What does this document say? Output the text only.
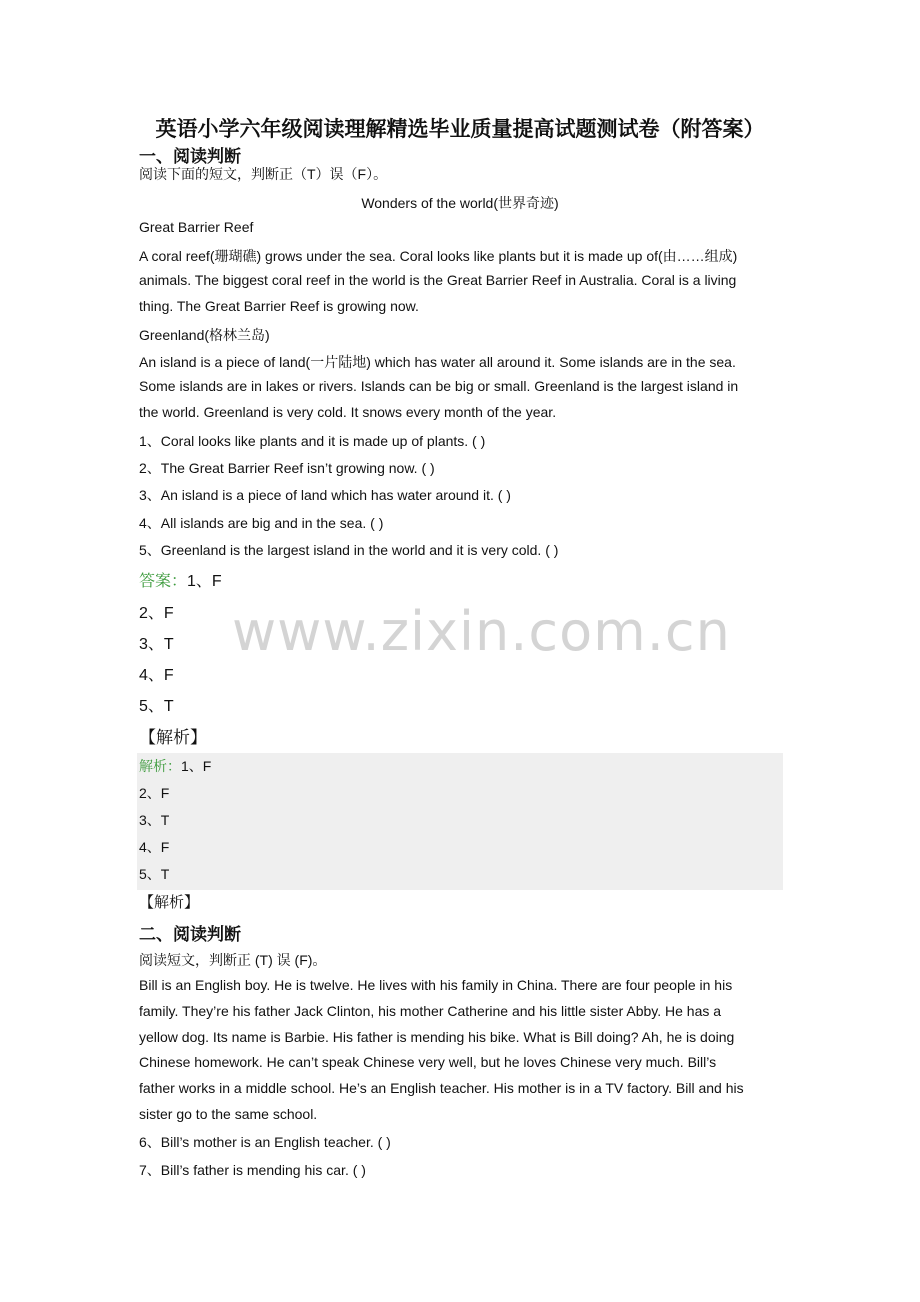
英语小学六年级阅读理解精选毕业质量提高试题测试卷（附答案）
一、阅读判断
阅读下面的短文，判断正（T）误（F）。
Wonders of the world(世界奇迹)
Great Barrier Reef
A coral reef(珊瑚礁) grows under the sea. Coral looks like plants but it is made up of(由……组成)
animals. The biggest coral reef in the world is the Great Barrier Reef in Australia. Coral is a living
thing. The Great Barrier Reef is growing now.
Greenland(格林兰岛)
An island is a piece of land(一片陆地) which has water all around it. Some islands are in the sea.
Some islands are in lakes or rivers. Islands can be big or small. Greenland is the largest island in
the world. Greenland is very cold. It snows every month of the year.
1、Coral looks like plants and it is made up of plants. ( )
2、The Great Barrier Reef isn’t growing now. ( )
3、An island is a piece of land which has water around it. ( )
4、All islands are big and in the sea. ( )
5、Greenland is the largest island in the world and it is very cold. ( )
www.zixin.com.cn
答案：1、F
2、F
3、T
4、F
5、T
【解析】
解析：1、F
2、F
3、T
4、F
5、T
【解析】
二、阅读判断
阅读短文，判断正 (T) 误 (F)。
Bill is an English boy. He is twelve. He lives with his family in China. There are four people in his
family. They’re his father Jack Clinton, his mother Catherine and his little sister Abby. He has a
yellow dog. Its name is Barbie. His father is mending his bike. What is Bill doing? Ah, he is doing
Chinese homework. He can’t speak Chinese very well, but he loves Chinese very much. Bill’s
father works in a middle school. He’s an English teacher. His mother is in a TV factory. Bill and his
sister go to the same school.
6、Bill’s mother is an English teacher. ( )
7、Bill’s father is mending his car. ( )
